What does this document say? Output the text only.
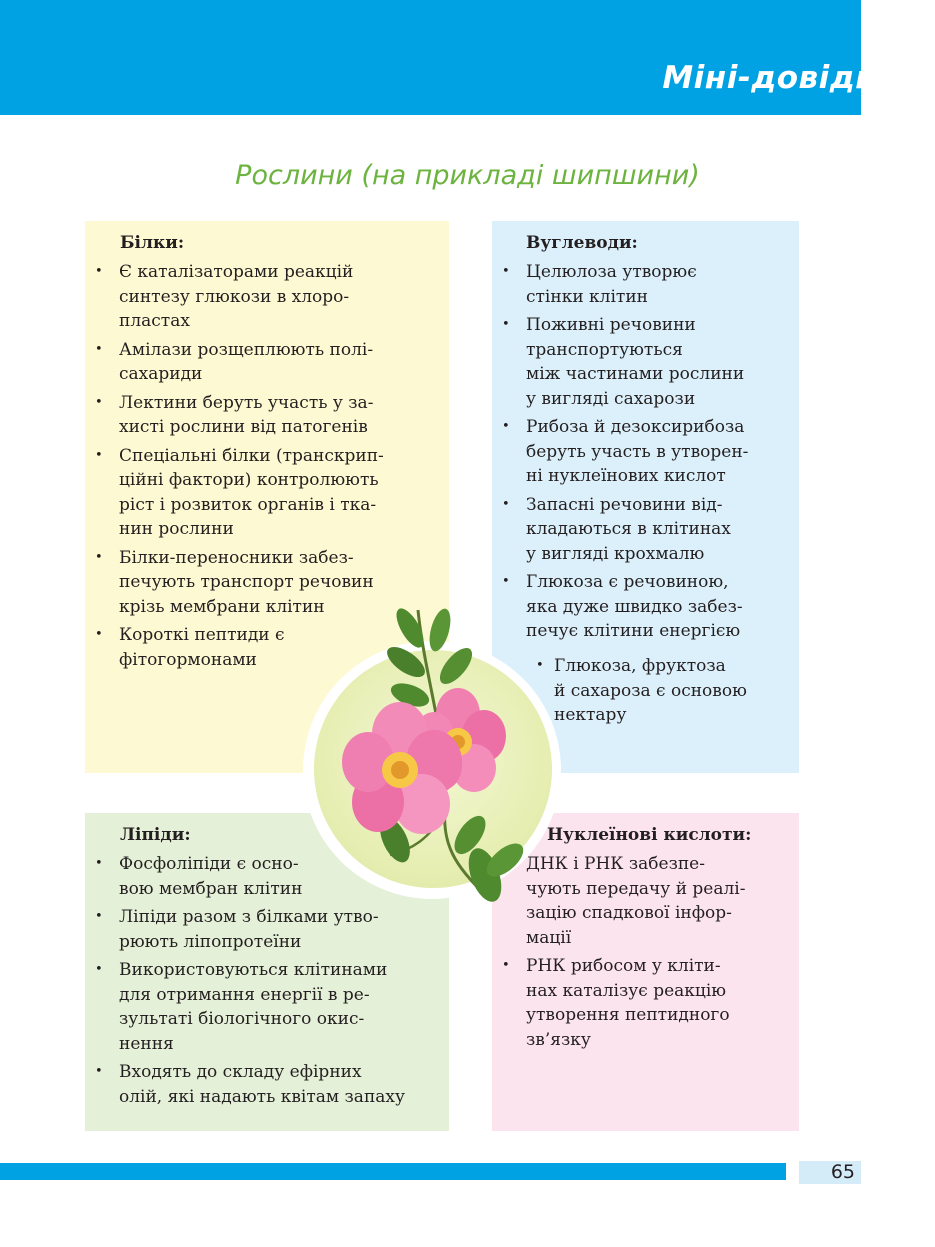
Міні-довідник
Рослини (на прикладі шипшини)
Білки:
• Є каталізаторами реакцій
синтезу глюкози в хлоро-
пластах
• Амілази розщеплюють полі-
сахариди
• Лектини беруть участь у за-
хисті рослини від патогенів
• Спеціальні білки (транскрип-
ційні фактори) контролюють
ріст і розвиток органів і тка-
нин рослини
• Білки-переносники забез-
печують транспорт речовин
крізь мембрани клітин
• Короткі пептиди є
фітогормонами
Вуглеводи:
• Целюлоза утворює
стінки клітин
• Поживні речовини
транспортуються
між частинами рослини
у вигляді сахарози
• Рибоза й дезоксирибоза
беруть участь в утворен-
ні нуклеїнових кислот
• Запасні речовини від-
кладаються в клітинах
у вигляді крохмалю
• Глюкоза є речовиною,
яка дуже швидко забез-
печує клітини енергією
• Глюкоза, фруктоза
й сахароза є основою
нектару
Ліпіди:
• Фосфоліпіди є осно-
вою мембран клітин
• Ліпіди разом з білками утво-
рюють ліпопротеїни
• Використовуються клітинами
для отримання енергії в ре-
зультаті біологічного окис-
нення
• Входять до складу ефірних
олій, які надають квітам запаху
Нуклеїнові кислоти:
• ДНК і РНК забезпе-
чують передачу й реалі-
зацію спадкової інфор-
мації
• РНК рибосом у кліти-
нах каталізує реакцію
утворення пептидного
зв’язку
65
